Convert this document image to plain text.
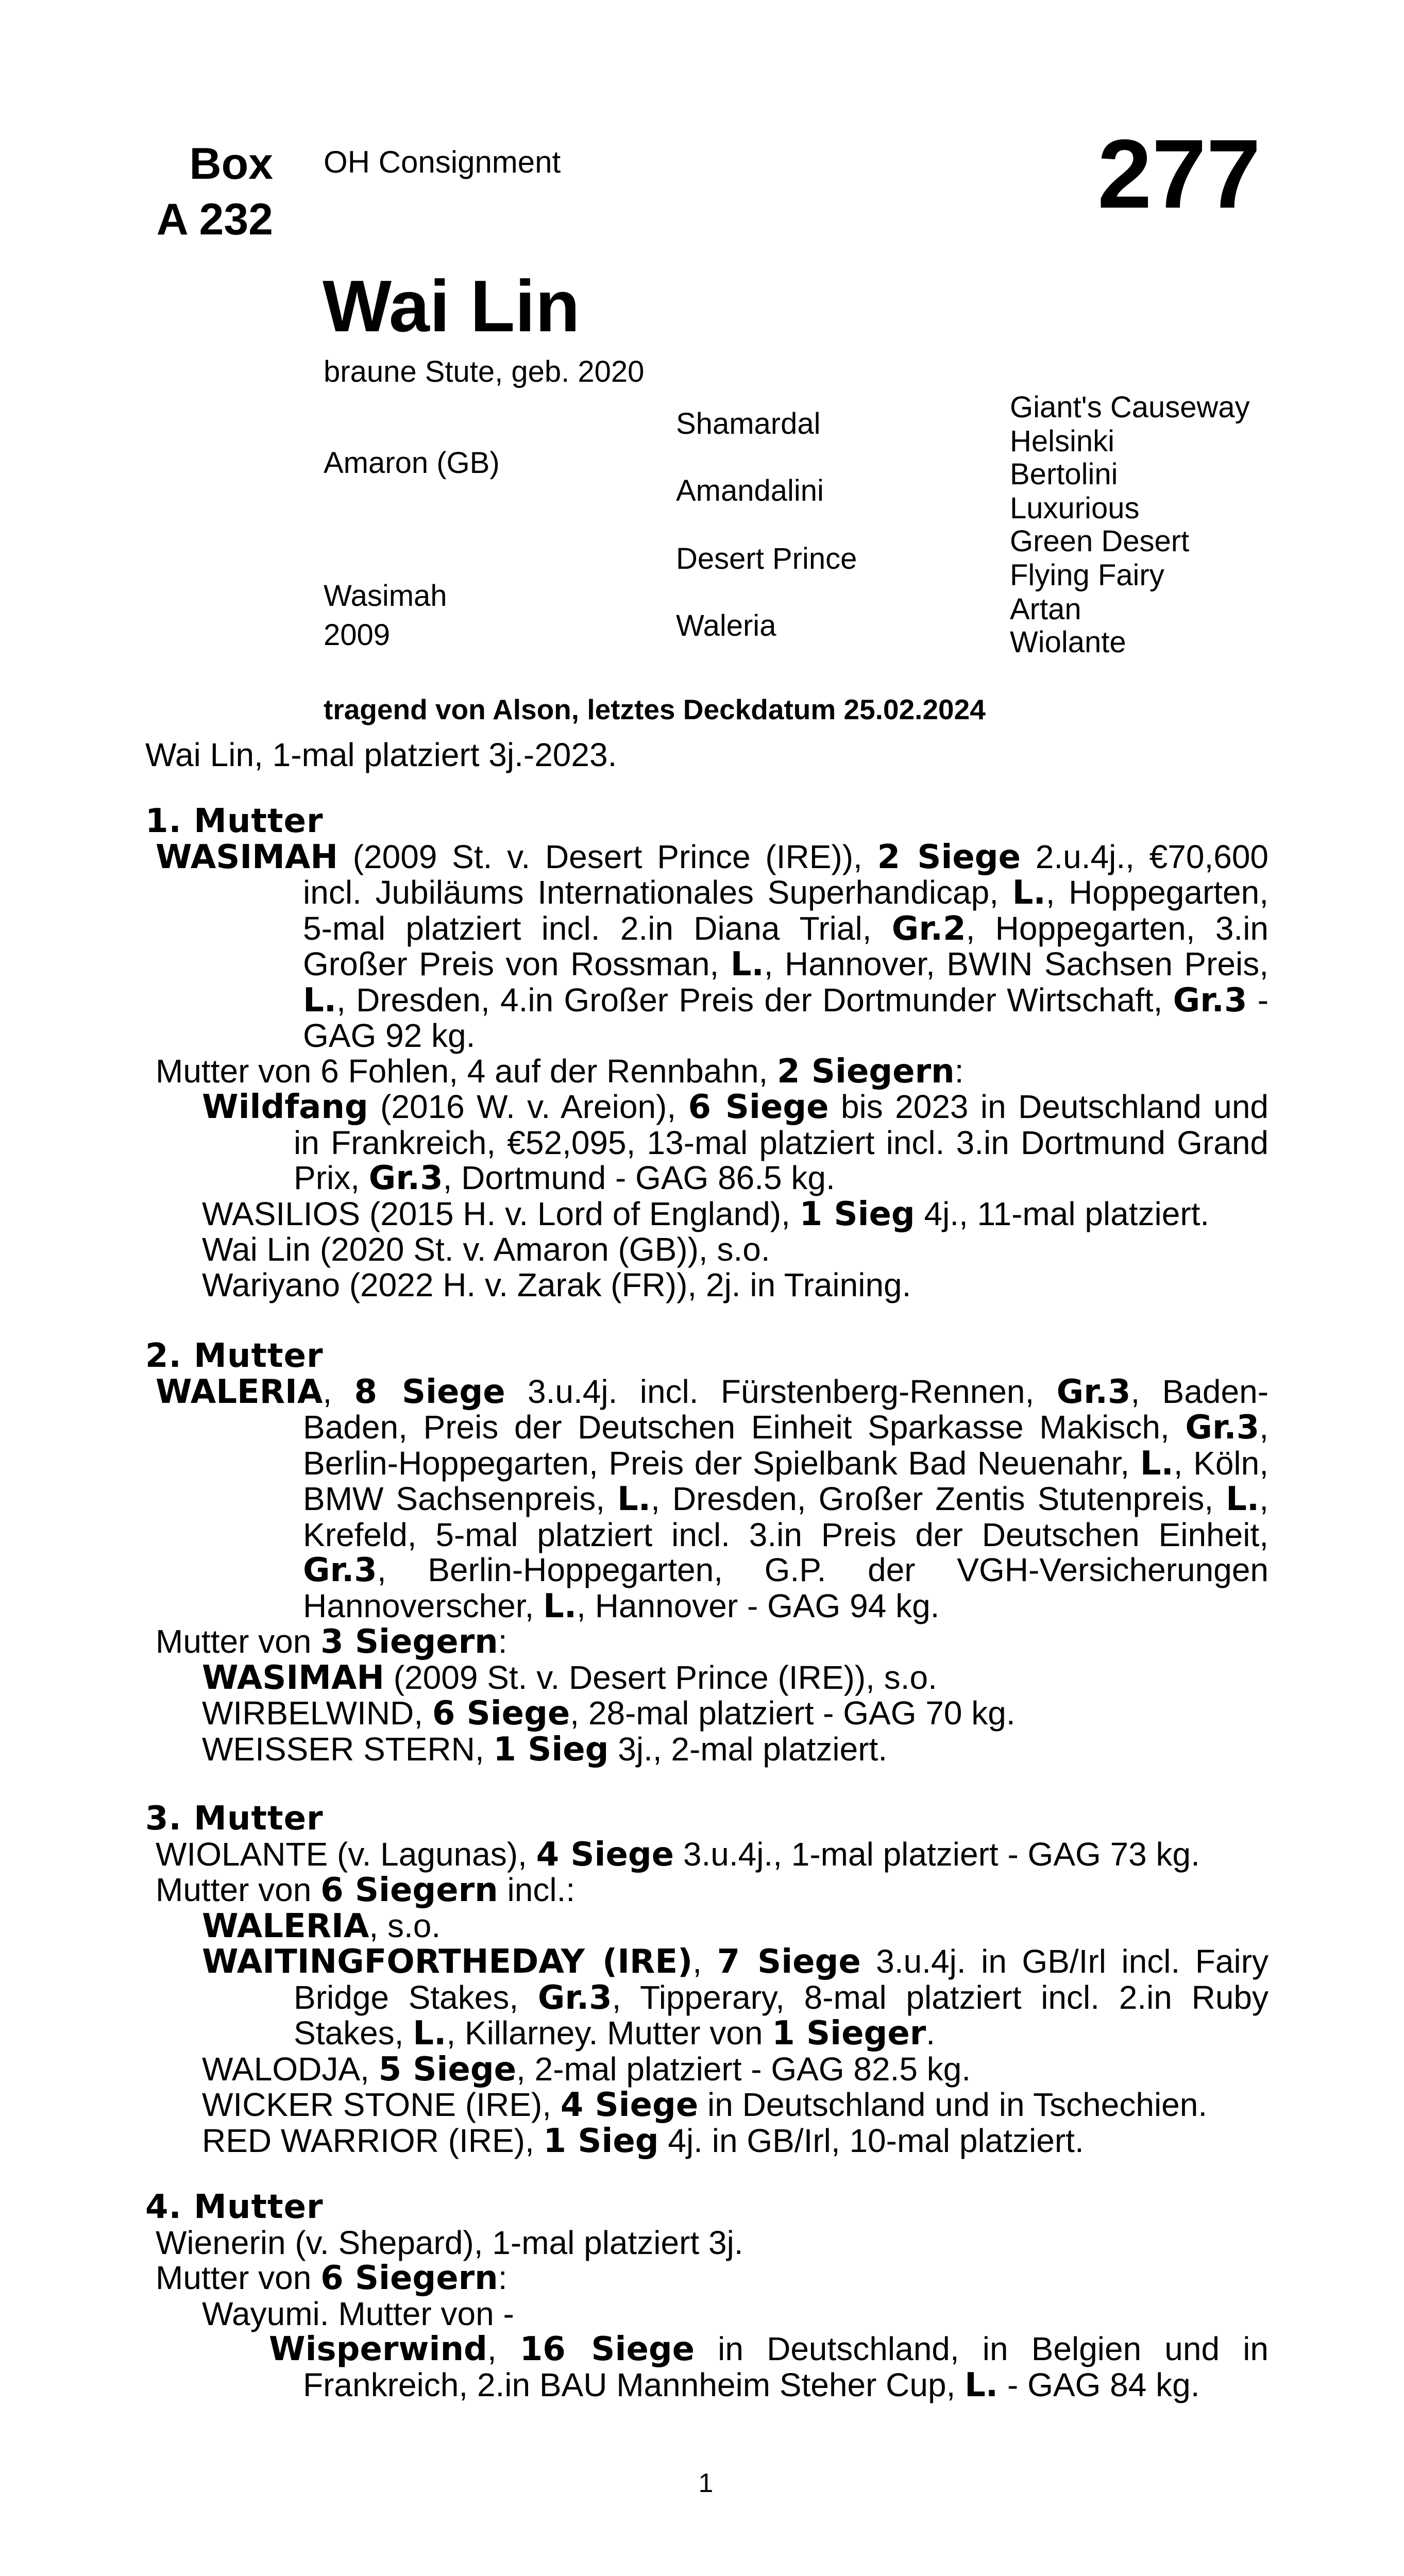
Box
A 232
OH Consignment	277
Wai Lin
braune Stute, geb. 2020
Amaron (GB)
Wasimah
2009
Shamardal
Amandalini
Desert Prince
Waleria
Giant's Causeway
Helsinki
Bertolini
Luxurious
Green Desert
Flying Fairy
Artan
Wiolante
tragend von Alson, letztes Deckdatum 25.02.2024
Wai Lin, 1-mal platziert 3j.-2023.
1. Mutter
WASIMAH (2009 St. v. Desert Prince (IRE)), 2 Siege 2.u.4j., €70,600 incl. Jubiläums Internationales Superhandicap, L., Hoppegarten, 5-mal platziert incl. 2.in Diana Trial, Gr.2, Hoppegarten, 3.in Großer Preis von Rossman, L., Hannover, BWIN Sachsen Preis, L., Dresden, 4.in Großer Preis der Dortmunder Wirtschaft, Gr.3 - GAG 92 kg.
Mutter von 6 Fohlen, 4 auf der Rennbahn, 2 Siegern:
Wildfang (2016 W. v. Areion), 6 Siege bis 2023 in Deutschland und in Frankreich, €52,095, 13-mal platziert incl. 3.in Dortmund Grand Prix, Gr.3, Dortmund - GAG 86.5 kg.
WASILIOS (2015 H. v. Lord of England), 1 Sieg 4j., 11-mal platziert.
Wai Lin (2020 St. v. Amaron (GB)), s.o.
Wariyano (2022 H. v. Zarak (FR)), 2j. in Training.
2. Mutter
WALERIA, 8 Siege 3.u.4j. incl. Fürstenberg-Rennen, Gr.3, Baden-Baden, Preis der Deutschen Einheit Sparkasse Makisch, Gr.3, Berlin-Hoppegarten, Preis der Spielbank Bad Neuenahr, L., Köln, BMW Sachsenpreis, L., Dresden, Großer Zentis Stutenpreis, L., Krefeld, 5-mal platziert incl. 3.in Preis der Deutschen Einheit, Gr.3, Berlin-Hoppegarten, G.P. der VGH-Versicherungen Hannoverscher, L., Hannover - GAG 94 kg.
Mutter von 3 Siegern:
WASIMAH (2009 St. v. Desert Prince (IRE)), s.o.
WIRBELWIND, 6 Siege, 28-mal platziert - GAG 70 kg.
WEISSER STERN, 1 Sieg 3j., 2-mal platziert.
3. Mutter
WIOLANTE (v. Lagunas), 4 Siege 3.u.4j., 1-mal platziert - GAG 73 kg.
Mutter von 6 Siegern incl.:
WALERIA, s.o.
WAITINGFORTHEDAY (IRE), 7 Siege 3.u.4j. in GB/Irl incl. Fairy Bridge Stakes, Gr.3, Tipperary, 8-mal platziert incl. 2.in Ruby Stakes, L., Killarney. Mutter von 1 Sieger.
WALODJA, 5 Siege, 2-mal platziert - GAG 82.5 kg.
WICKER STONE (IRE), 4 Siege in Deutschland und in Tschechien.
RED WARRIOR (IRE), 1 Sieg 4j. in GB/Irl, 10-mal platziert.
4. Mutter
Wienerin (v. Shepard), 1-mal platziert 3j.
Mutter von 6 Siegern:
Wayumi. Mutter von -
Wisperwind, 16 Siege in Deutschland, in Belgien und in Frankreich, 2.in BAU Mannheim Steher Cup, L. - GAG 84 kg.
1
